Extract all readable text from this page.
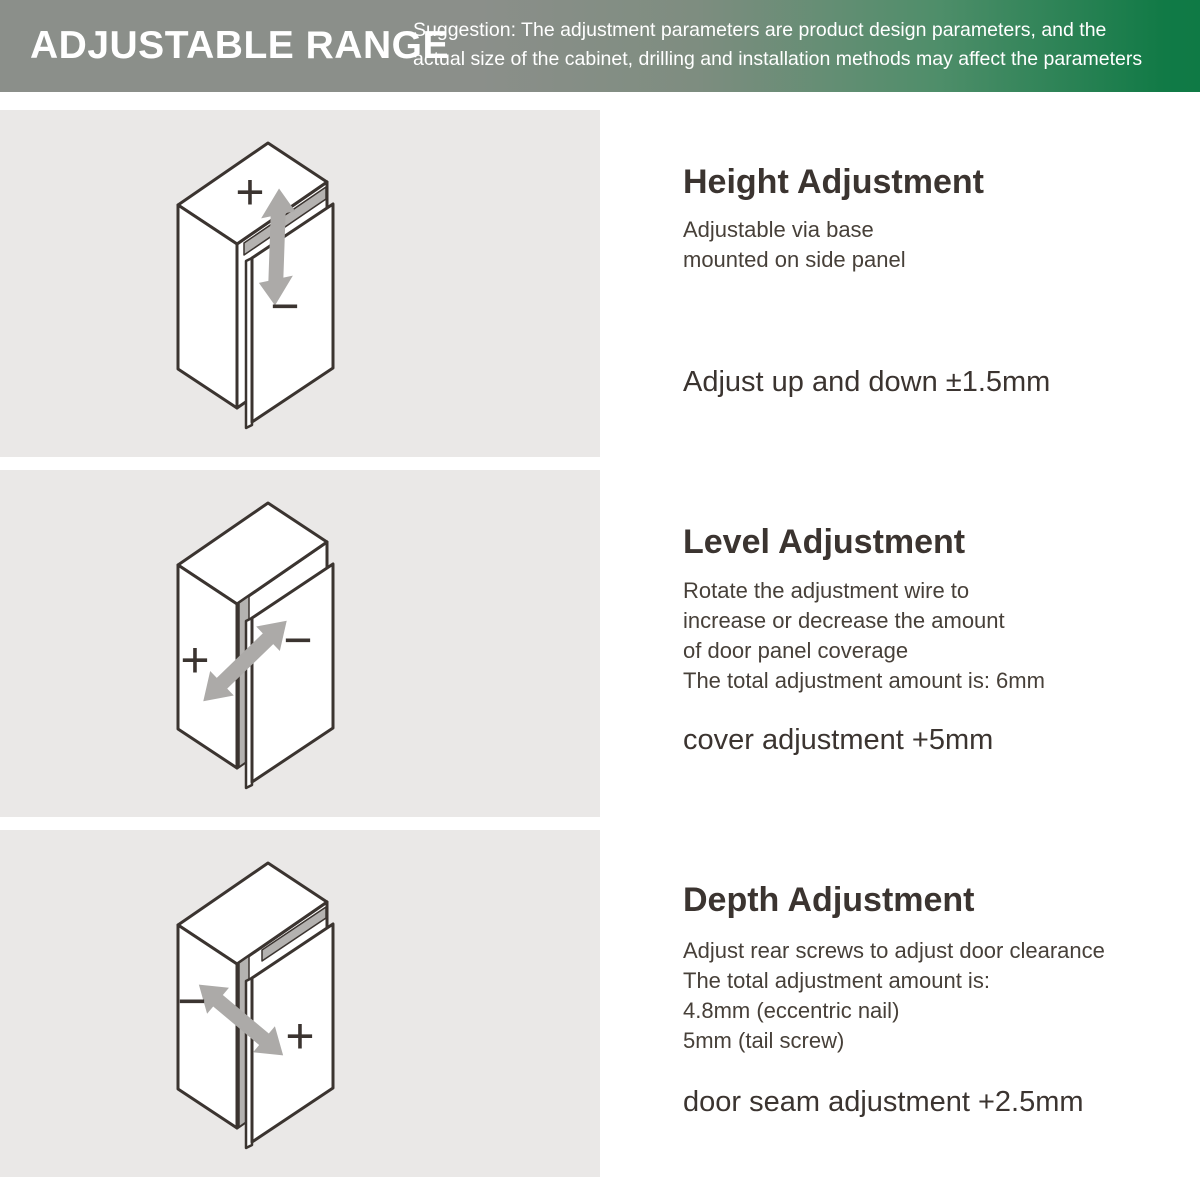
ADJUSTABLE RANGE
Suggestion: The adjustment parameters are product design parameters, and the
actual size of the cabinet, drilling and installation methods may affect the parameters
+
−
Height Adjustment
Adjustable via base
mounted on side panel
Adjust up and down ±1.5mm
+ −
Level Adjustment
Rotate the adjustment wire to
increase or decrease the amount
of door panel coverage
The total adjustment amount is: 6mm
cover adjustment +5mm
−
+
Depth Adjustment
Adjust rear screws to adjust door clearance
The total adjustment amount is:
4.8mm (eccentric nail)
5mm (tail screw)
door seam adjustment +2.5mm
